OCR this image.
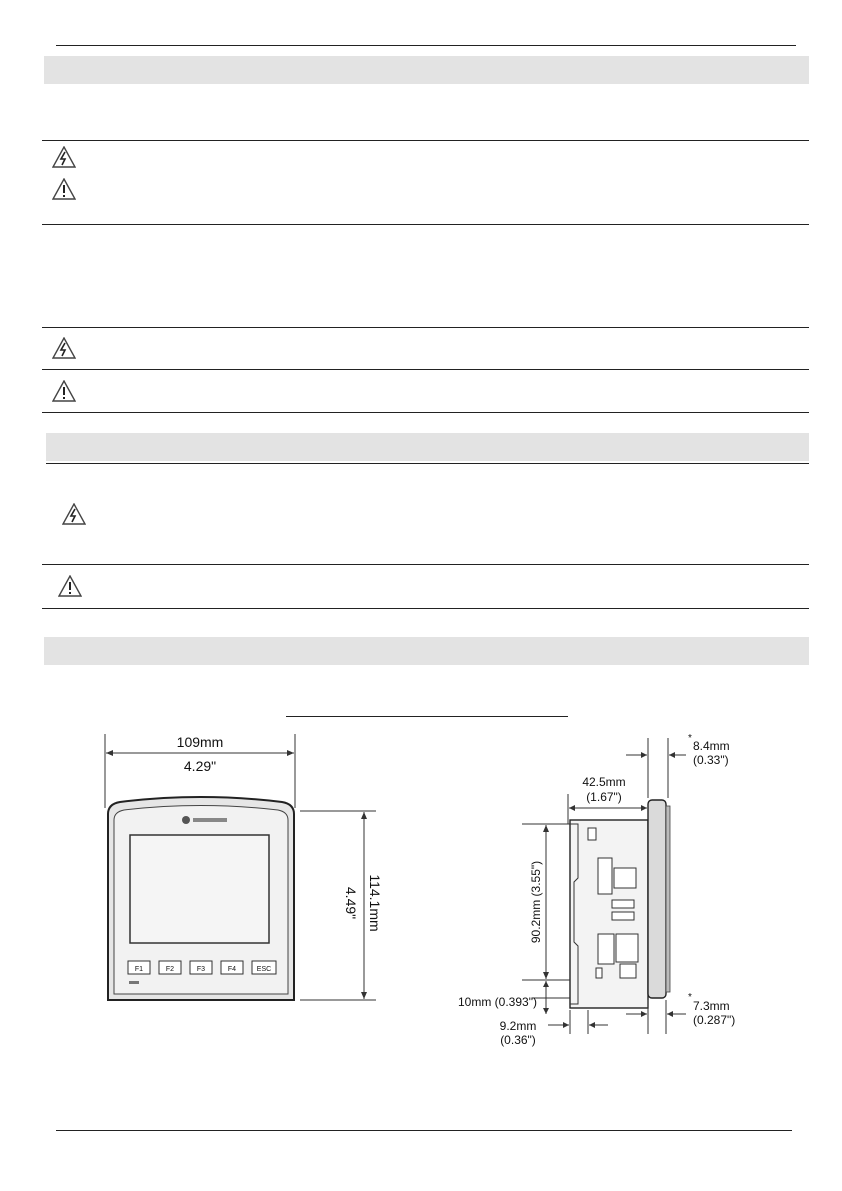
109mm
4.29"
F1	F2	F3	F4	ESC
114.1mm
4.49"
*
8.4mm
(0.33")
42.5mm
(1.67")
90.2mm (3.55")
10mm (0.393")
9.2mm
(0.36")
*
7.3mm
(0.287")
